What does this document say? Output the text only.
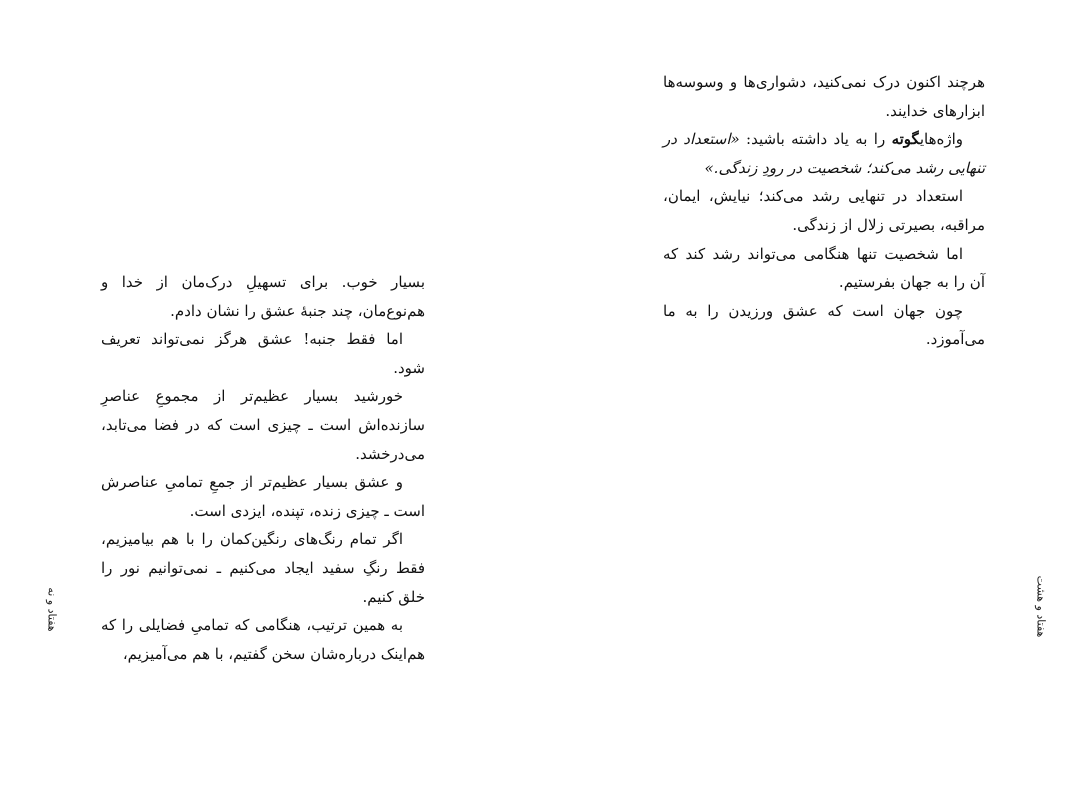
بسیار خوب. برای تسهیلِ درک‌مان از خدا و هم‌نوع‌مان، چند جنبهٔ عشق را نشان دادم.

اما فقط جنبه! عشق هرگز نمی‌تواند تعریف شود.

خورشید بسیار عظیم‌تر از مجموعِ عناصرِ سازنده‌اش است ـ چیزی است که در فضا می‌تابد، می‌درخشد.

و عشق بسیار عظیم‌تر از جمعِ تمامیِ عناصرش است ـ چیزی زنده، تپنده، ایزدی است.

اگر تمام رنگ‌های رنگین‌کمان را با هم بیامیزیم، فقط رنگِ سفید ایجاد می‌کنیم ـ نمی‌توانیم نور را خلق کنیم.

به همین ترتیب، هنگامی که تمامیِ فضایلی را که هم‌اینک درباره‌شان سخن گفتیم، با هم می‌آمیزیم،

هفتاد و نه

هرچند اکنون درک نمی‌کنید، دشواری‌ها و وسوسه‌ها ابزارهای خدایند.

واژه‌هایگوته را به یاد داشته باشید: «استعداد در تنهایی رشد می‌کند؛ شخصیت در رودِ زندگی.»

استعداد در تنهایی رشد می‌کند؛ نیایش، ایمان، مراقبه، بصیرتی زلال از زندگی.

اما شخصیت تنها هنگامی می‌تواند رشد کند که آن را به جهان بفرستیم.

چون جهان است که عشق ورزیدن را به ما می‌آموزد.

هفتاد و هشت
